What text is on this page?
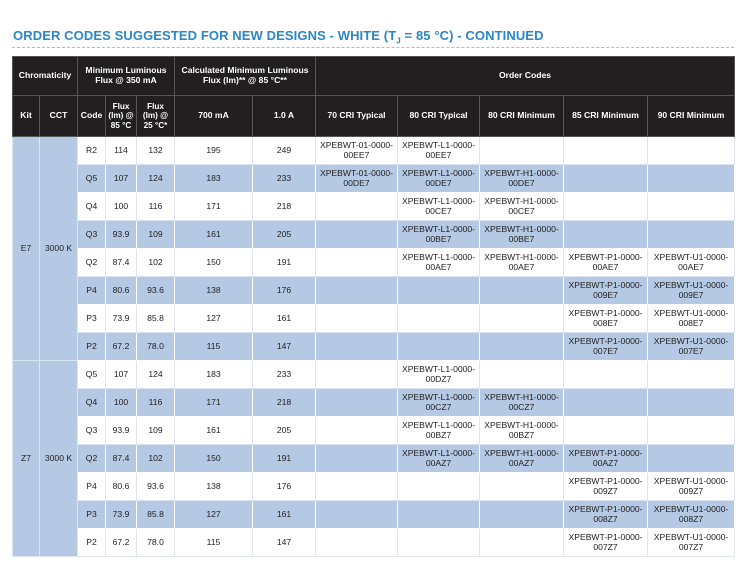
ORDER CODES SUGGESTED FOR NEW DESIGNS - WHITE ($T_J = 85$ °C) - CONTINUED
Chromaticity		Minimum Luminous Flux @ 350 mA			Calculated Minimum Luminous Flux (lm)** @ 85 °C**		Order Codes				
Kit	CCT	Code	Flux (lm) @ 85 °C	Flux (lm) @ 25 °C*	700 mA	1.0 A	70 CRI Typical	80 CRI Typical	80 CRI Minimum	85 CRI Minimum	90 CRI Minimum
E7	3000 K	R2	114	132	195	249	XPEBWT-01-0000-00EE7	XPEBWT-L1-0000-00EE7			
		Q5	107	124	183	233	XPEBWT-01-0000-00DE7	XPEBWT-L1-0000-00DE7	XPEBWT-H1-0000-00DE7		
		Q4	100	116	171	218		XPEBWT-L1-0000-00CE7	XPEBWT-H1-0000-00CE7		
		Q3	93.9	109	161	205		XPEBWT-L1-0000-00BE7	XPEBWT-H1-0000-00BE7		
		Q2	87.4	102	150	191		XPEBWT-L1-0000-00AE7	XPEBWT-H1-0000-00AE7	XPEBWT-P1-0000-00AE7	XPEBWT-U1-0000-00AE7
		P4	80.6	93.6	138	176				XPEBWT-P1-0000-009E7	XPEBWT-U1-0000-009E7
		P3	73.9	85.8	127	161				XPEBWT-P1-0000-008E7	XPEBWT-U1-0000-008E7
		P2	67.2	78.0	115	147				XPEBWT-P1-0000-007E7	XPEBWT-U1-0000-007E7
Z7	3000 K	Q5	107	124	183	233		XPEBWT-L1-0000-00DZ7			
		Q4	100	116	171	218		XPEBWT-L1-0000-00CZ7	XPEBWT-H1-0000-00CZ7		
		Q3	93.9	109	161	205		XPEBWT-L1-0000-00BZ7	XPEBWT-H1-0000-00BZ7		
		Q2	87.4	102	150	191		XPEBWT-L1-0000-00AZ7	XPEBWT-H1-0000-00AZ7	XPEBWT-P1-0000-00AZ7	
		P4	80.6	93.6	138	176				XPEBWT-P1-0000-009Z7	XPEBWT-U1-0000-009Z7
		P3	73.9	85.8	127	161				XPEBWT-P1-0000-008Z7	XPEBWT-U1-0000-008Z7
		P2	67.2	78.0	115	147				XPEBWT-P1-0000-007Z7	XPEBWT-U1-0000-007Z7
